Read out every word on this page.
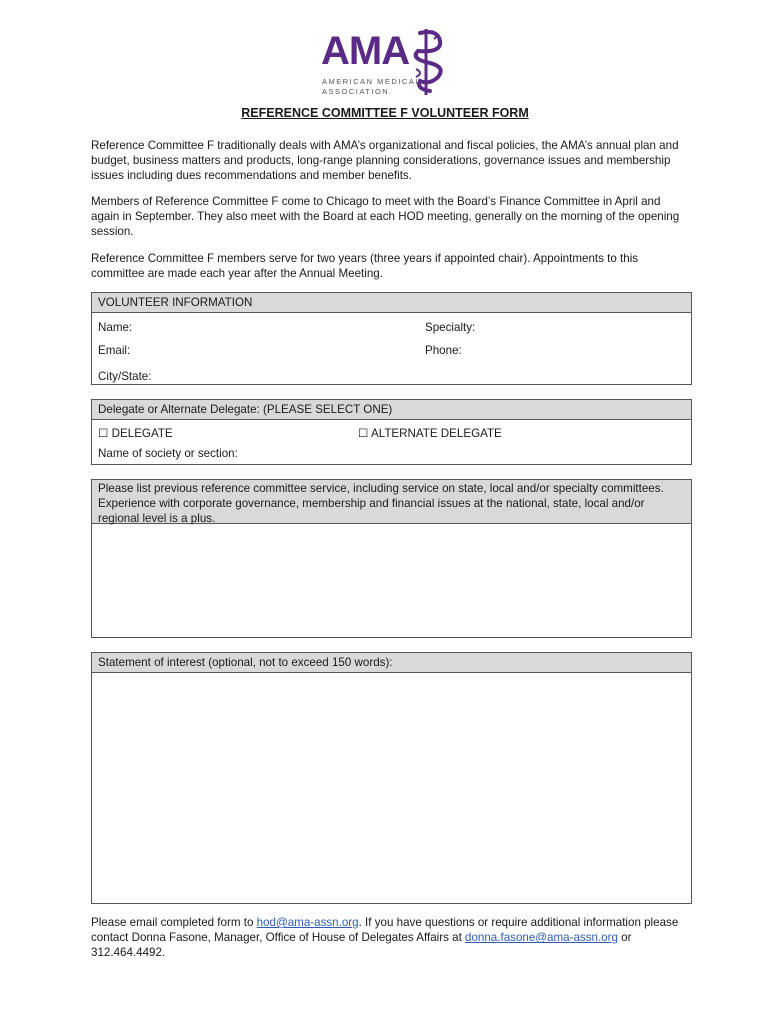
AMA
AMERICAN MEDICAL
ASSOCIATION
REFERENCE COMMITTEE F VOLUNTEER FORM
Reference Committee F traditionally deals with AMA’s organizational and fiscal policies, the AMA’s annual plan and budget, business matters and products, long-range planning considerations, governance issues and membership issues including dues recommendations and member benefits.
Members of Reference Committee F come to Chicago to meet with the Board’s Finance Committee in April and again in September. They also meet with the Board at each HOD meeting, generally on the morning of the opening session.
Reference Committee F members serve for two years (three years if appointed chair). Appointments to this committee are made each year after the Annual Meeting.
VOLUNTEER INFORMATION
Name:	Specialty:
Email:	Phone:
City/State:
Delegate or Alternate Delegate: (PLEASE SELECT ONE)
☐ DELEGATE	☐ ALTERNATE DELEGATE
Name of society or section:
Please list previous reference committee service, including service on state, local and/or specialty committees. Experience with corporate governance, membership and financial issues at the national, state, local and/or regional level is a plus.
Statement of interest (optional, not to exceed 150 words):
Please email completed form to hod@ama-assn.org. If you have questions or require additional information please contact Donna Fasone, Manager, Office of House of Delegates Affairs at donna.fasone@ama-assn.org or 312.464.4492.
